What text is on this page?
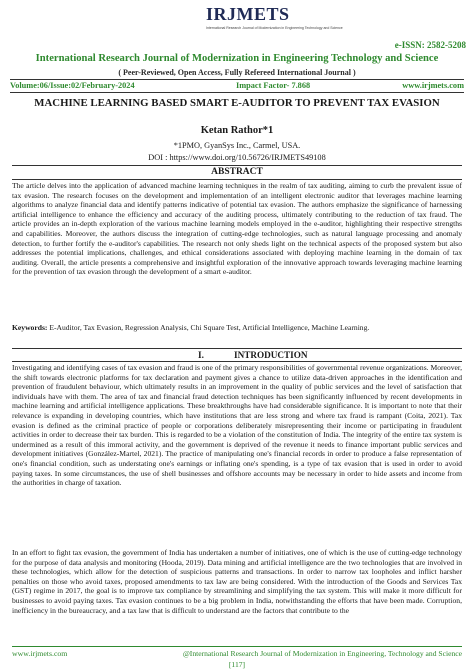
IRJMETS
International Research Journal of Modernization in Engineering Technology and Science
e-ISSN: 2582-5208
International Research Journal of Modernization in Engineering Technology and Science
( Peer-Reviewed, Open Access, Fully Refereed International Journal )
Volume:06/Issue:02/February-2024	Impact Factor- 7.868	www.irjmets.com
MACHINE LEARNING BASED SMART E-AUDITOR TO PREVENT TAX EVASION
Ketan Rathor*1
*1PMO, GyanSys Inc., Carmel, USA.
DOI : https://www.doi.org/10.56726/IRJMETS49108
ABSTRACT

The article delves into the application of advanced machine learning techniques in the realm of tax auditing, aiming to curb the prevalent issue of tax evasion. The research focuses on the development and implementation of an intelligent electronic auditor that leverages machine learning algorithms to analyze financial data and identify patterns indicative of potential tax evasion. The authors emphasize the significance of harnessing artificial intelligence to enhance the efficiency and accuracy of the auditing process, ultimately contributing to the reduction of tax fraud. The article provides an in-depth exploration of the various machine learning models employed in the e-auditor, highlighting their respective strengths and capabilities. Moreover, the authors discuss the integration of cutting-edge technologies, such as natural language processing and anomaly detection, to further fortify the e-auditor's capabilities. The research not only sheds light on the technical aspects of the proposed system but also addresses the potential implications, challenges, and ethical considerations associated with deploying machine learning in the domain of tax auditing. Overall, the article presents a comprehensive and insightful exploration of the innovative approach towards leveraging machine learning for the prevention of tax evasion through the development of a smart e-auditor.

Keywords: E-Auditor, Tax Evasion, Regression Analysis, Chi Square Test, Artificial Intelligence, Machine Learning.

I.	INTRODUCTION

Investigating and identifying cases of tax evasion and fraud is one of the primary responsibilities of governmental revenue organizations. Moreover, the shift towards electronic platforms for tax declaration and payment gives a chance to utilize data-driven approaches in the identification and prevention of fraudulent behaviour, which ultimately results in an improvement in the quality of public services and the level of satisfaction that individuals have with them. The area of tax and financial fraud detection techniques has been significantly influenced by recent developments in machine learning and artificial intelligence applications. These breakthroughs have had considerable significance. It is important to note that their relevance is expanding in developing countries, which have institutions that are less strong and where tax fraud is rampant (Coita, 2021). Tax evasion is defined as the criminal practice of people or corporations deliberately misrepresenting their income or participating in fraudulent activities in order to decrease their tax burden. This is regarded to be a violation of the constitution of India. The integrity of the entire tax system is undermined as a result of this immoral activity, and the government is deprived of the revenue it needs to finance important public services and development initiatives (González-Martel, 2021). The practice of manipulating one's financial records in order to produce a false representation of one's financial condition, such as understating one's earnings or inflating one's spending, is a type of tax evasion that is used in order to avoid paying taxes. In some circumstances, the use of shell businesses and offshore accounts may be necessary in order to hide assets and income from the authorities in charge of taxation.

In an effort to fight tax evasion, the government of India has undertaken a number of initiatives, one of which is the use of cutting-edge technology for the purpose of data analysis and monitoring (Hooda, 2019). Data mining and artificial intelligence are the two technologies that are involved in these technologies, which allow for the detection of suspicious patterns and transactions. In order to narrow tax loopholes and inflict harsher penalties on those who avoid taxes, proposed amendments to tax law are being considered. With the introduction of the Goods and Services Tax (GST) regime in 2017, the goal is to improve tax compliance by streamlining and simplifying the tax system. This will make it more difficult for businesses to avoid paying taxes. Tax evasion continues to be a big problem in India, notwithstanding the efforts that have been made. Corruption, inefficiency in the bureaucracy, and a tax law that is difficult to understand are the factors that contribute to the

www.irjmets.com	@International Research Journal of Modernization in Engineering, Technology and Science
[117]
